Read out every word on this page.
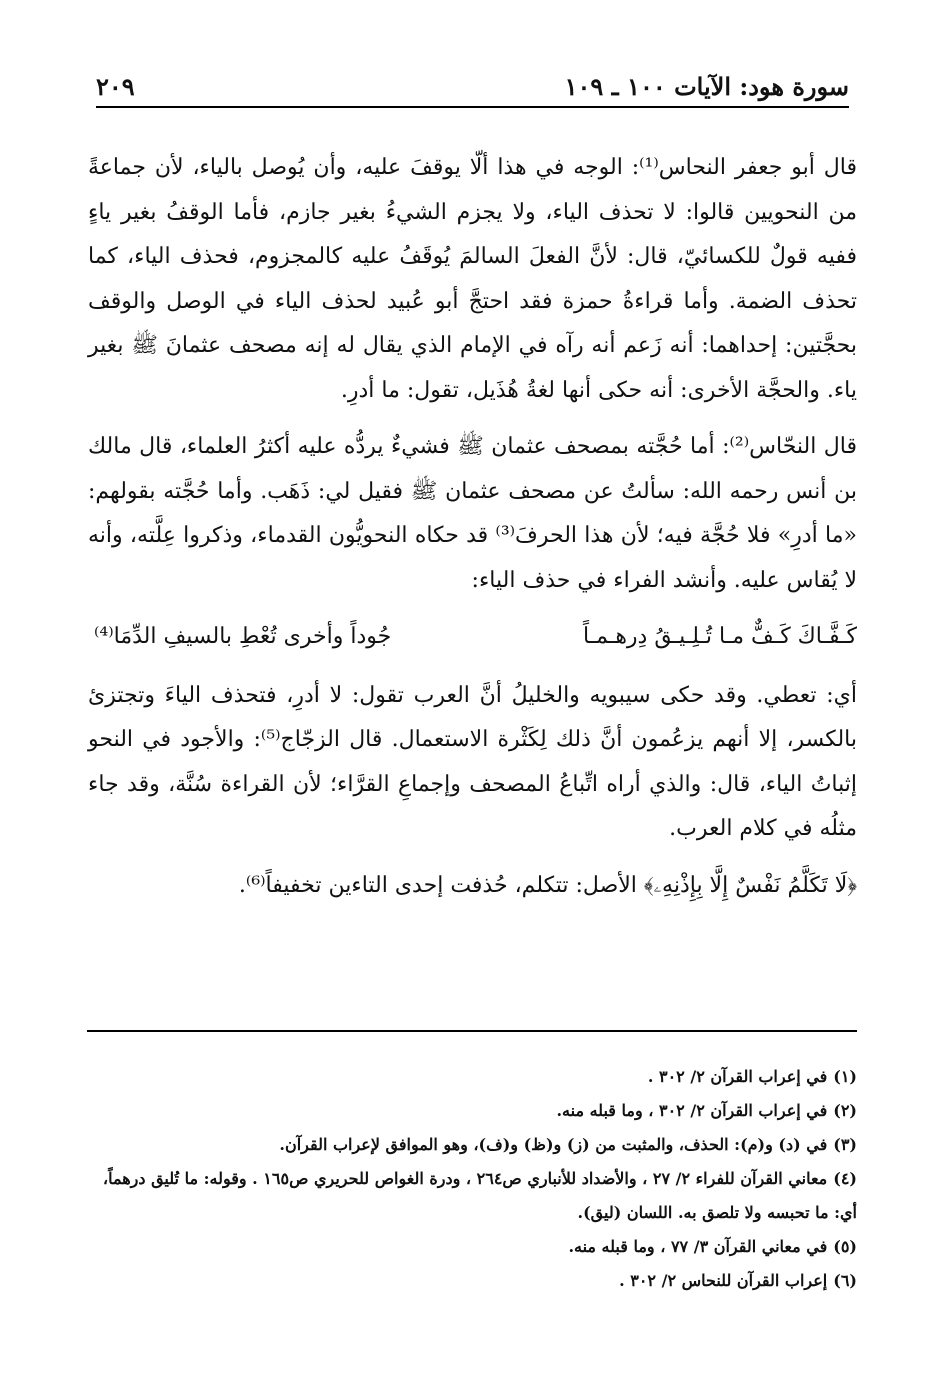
سورة هود: الآيات ١٠٠ ـ ١٠٩
٢٠٩

قال أبو جعفر النحاس⁽¹⁾: الوجه في هذا ألّا يوقفَ عليه، وأن يُوصل بالياء، لأن جماعةً من النحويين قالوا: لا تحذف الياء، ولا يجزم الشيءُ بغير جازم، فأما الوقفُ بغير ياءٍ ففيه قولٌ للكسائيّ، قال: لأنَّ الفعلَ السالمَ يُوقَفُ عليه كالمجزوم، فحذف الياء، كما تحذف الضمة. وأما قراءةُ حمزة فقد احتجَّ أبو عُبيد لحذف الياء في الوصل والوقف بحجَّتين: إحداهما: أنه زَعم أنه رآه في الإمام الذي يقال له إنه مصحف عثمانَ ﷺ بغير ياء. والحجَّة الأخرى: أنه حكى أنها لغةُ هُذَيل، تقول: ما أدرِ.

قال النحّاس⁽²⁾: أما حُجَّته بمصحف عثمان ﷺ فشيءٌ يردُّه عليه أكثرُ العلماء، قال مالك بن أنس رحمه الله: سألتُ عن مصحف عثمان ﷺ فقيل لي: ذَهَب. وأما حُجَّته بقولهم: «ما أدرِ» فلا حُجَّة فيه؛ لأن هذا الحرفَ⁽³⁾ قد حكاه النحويُّون القدماء، وذكروا عِلَّته، وأنه لا يُقاس عليه. وأنشد الفراء في حذف الياء:

كَـفَّـاكَ كَـفٌّ مـا تُـلِـيـقُ دِرهـمـاً
جُوداً وأخرى تُعْطِ بالسيفِ الدِّمَا⁽⁴⁾

أي: تعطي. وقد حكى سيبويه والخليلُ أنَّ العرب تقول: لا أدرِ، فتحذف الياءَ وتجتزئ بالكسر، إلا أنهم يزعُمون أنَّ ذلك لِكَثْرة الاستعمال. قال الزجّاج⁽⁵⁾: والأجود في النحو إثباتُ الياء، قال: والذي أراه اتِّباعُ المصحف وإجماعِ القرَّاء؛ لأن القراءة سُنَّة، وقد جاء مثلُه في كلام العرب.

﴿لَا تَكَلَّمُ نَفْسٌ إِلَّا بِإِذْنِهِۦ﴾ الأصل: تتكلم، حُذفت إحدى التاءين تخفيفاً⁽⁶⁾.

(١)في إعراب القرآن ٢/ ٣٠٢ .

(٢)في إعراب القرآن ٢/ ٣٠٢ ، وما قبله منه.

(٣)في (د) و(م): الحذف، والمثبت من (ز) و(ظ) و(ف)، وهو الموافق لإعراب القرآن.

(٤)معاني القرآن للفراء ٢/ ٢٧ ، والأضداد للأنباري ص٢٦٤ ، ودرة الغواص للحريري ص١٦٥ . وقوله: ما تُليق درهماً، أي: ما تحبسه ولا تلصق به. اللسان (ليق).

(٥)في معاني القرآن ٣/ ٧٧ ، وما قبله منه.

(٦)إعراب القرآن للنحاس ٢/ ٣٠٢ .
